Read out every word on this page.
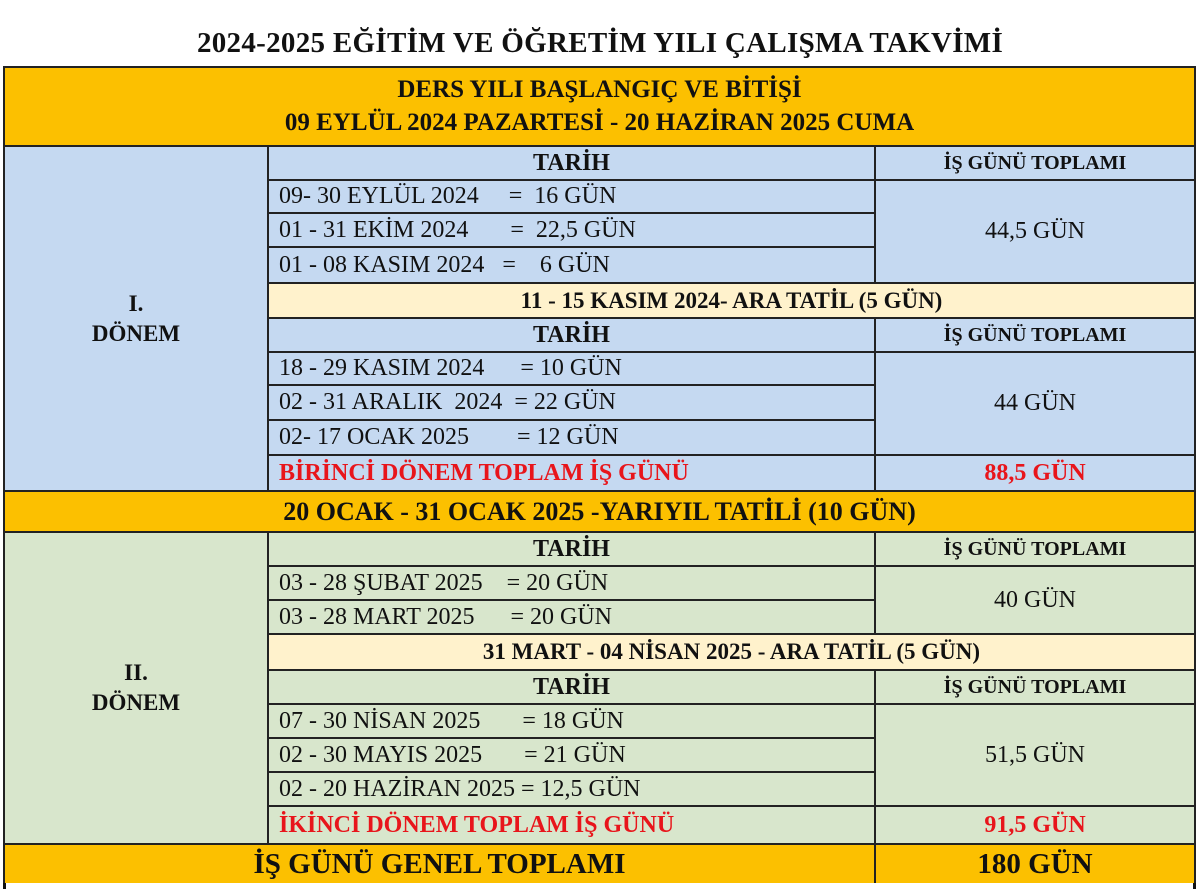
2024-2025 EĞİTİM VE ÖĞRETİM YILI ÇALIŞMA TAKVİMİ
DERS YILI BAŞLANGIÇ VE BİTİŞİ
09 EYLÜL 2024 PAZARTESİ - 20 HAZİRAN 2025 CUMA
I.
DÖNEM
TARİH	İŞ GÜNÜ TOPLAMI
09- 30 EYLÜL 2024     =  16 GÜN
01 - 31 EKİM 2024       =  22,5 GÜN
01 - 08 KASIM 2024   =    6 GÜN
44,5 GÜN
11 - 15 KASIM 2024- ARA TATİL (5 GÜN)
TARİH	İŞ GÜNÜ TOPLAMI
18 - 29 KASIM 2024      = 10 GÜN
02 - 31 ARALIK  2024  = 22 GÜN
02- 17 OCAK 2025        = 12 GÜN
44 GÜN
BİRİNCİ DÖNEM TOPLAM İŞ GÜNÜ	88,5 GÜN
20 OCAK - 31 OCAK 2025 -YARIYIL TATİLİ (10 GÜN)
II.
DÖNEM
TARİH	İŞ GÜNÜ TOPLAMI
03 - 28 ŞUBAT 2025    = 20 GÜN
03 - 28 MART 2025      = 20 GÜN
40 GÜN
31 MART - 04 NİSAN 2025 - ARA TATİL (5 GÜN)
TARİH	İŞ GÜNÜ TOPLAMI
07 - 30 NİSAN 2025       = 18 GÜN
02 - 30 MAYIS 2025       = 21 GÜN
02 - 20 HAZİRAN 2025 = 12,5 GÜN
51,5 GÜN
İKİNCİ DÖNEM TOPLAM İŞ GÜNÜ	91,5 GÜN
İŞ GÜNÜ GENEL TOPLAMI	180 GÜN
